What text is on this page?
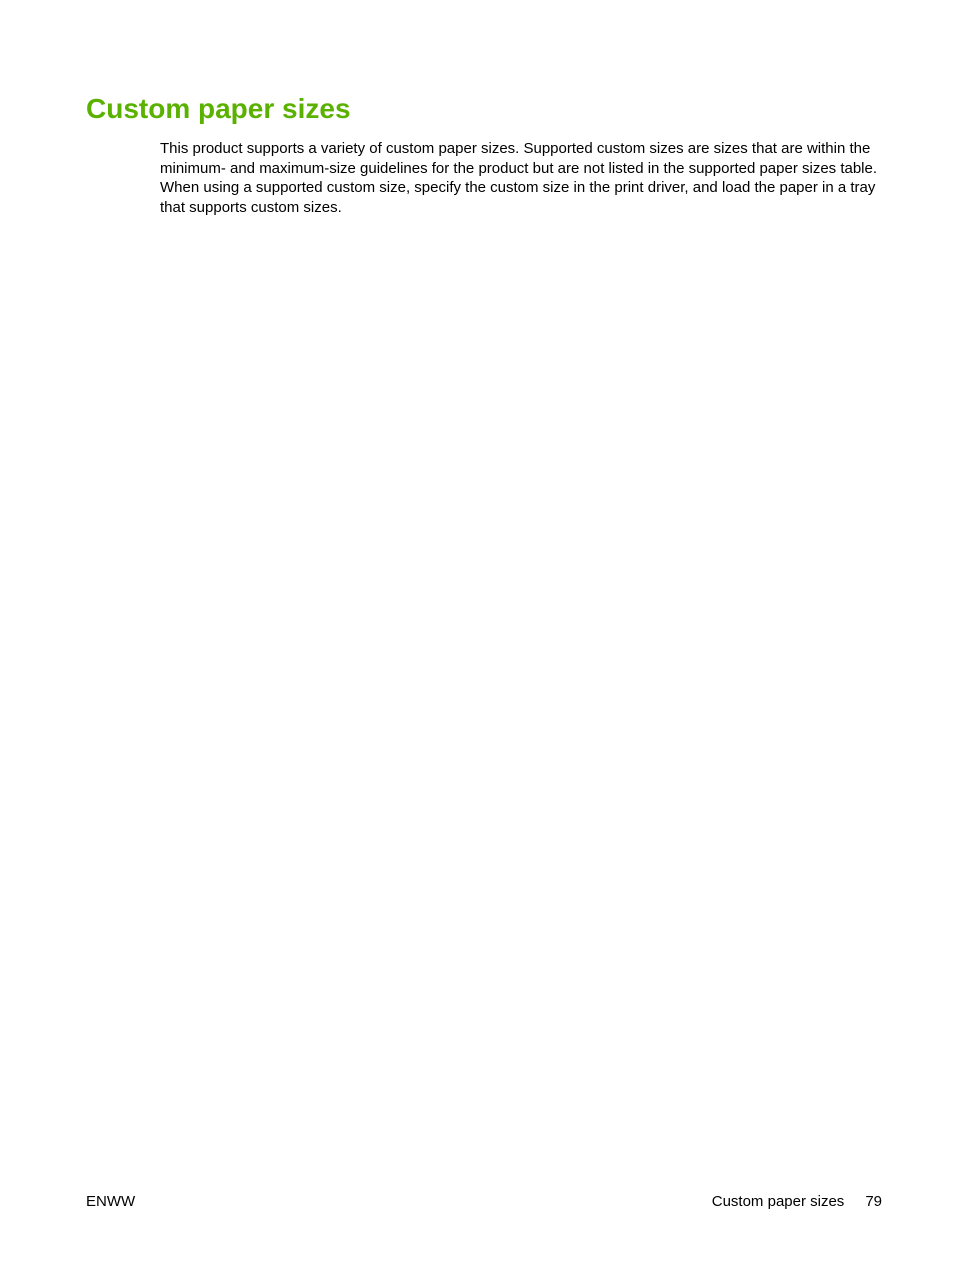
Custom paper sizes

This product supports a variety of custom paper sizes. Supported custom sizes are sizes that are within the minimum- and maximum-size guidelines for the product but are not listed in the supported paper sizes table. When using a supported custom size, specify the custom size in the print driver, and load the paper in a tray that supports custom sizes.

ENWW	Custom paper sizes 79
